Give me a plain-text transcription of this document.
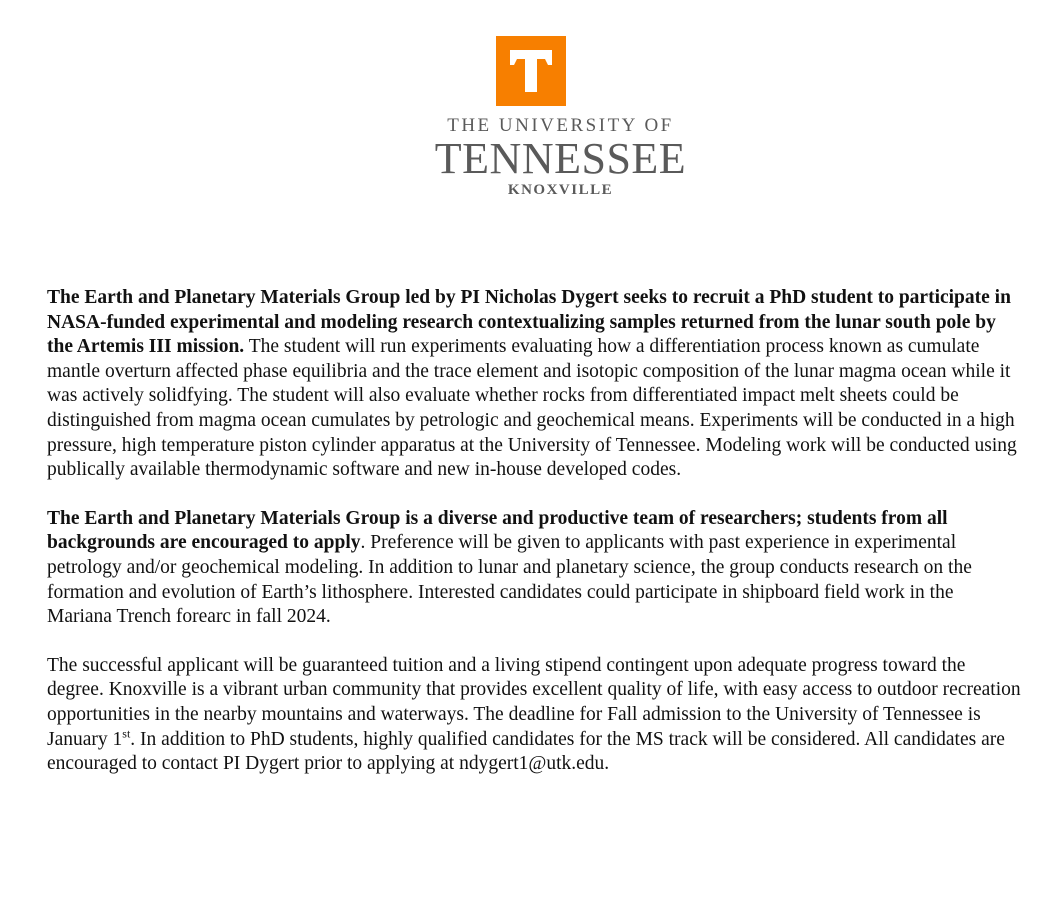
THE UNIVERSITY OF
TENNESSEE
KNOXVILLE

The Earth and Planetary Materials Group led by PI Nicholas Dygert seeks to recruit a PhD student to participate in NASA-funded experimental and modeling research contextualizing samples returned from the lunar south pole by the Artemis III mission. The student will run experiments evaluating how a differentiation process known as cumulate mantle overturn affected phase equilibria and the trace element and isotopic composition of the lunar magma ocean while it was actively solidfying. The student will also evaluate whether rocks from differentiated impact melt sheets could be distinguished from magma ocean cumulates by petrologic and geochemical means. Experiments will be conducted in a high pressure, high temperature piston cylinder apparatus at the University of Tennessee. Modeling work will be conducted using publically available thermodynamic software and new in-house developed codes.

The Earth and Planetary Materials Group is a diverse and productive team of researchers; students from all backgrounds are encouraged to apply. Preference will be given to applicants with past experience in experimental petrology and/or geochemical modeling. In addition to lunar and planetary science, the group conducts research on the formation and evolution of Earth’s lithosphere. Interested candidates could participate in shipboard field work in the Mariana Trench forearc in fall 2024.

The successful applicant will be guaranteed tuition and a living stipend contingent upon adequate progress toward the degree. Knoxville is a vibrant urban community that provides excellent quality of life, with easy access to outdoor recreation opportunities in the nearby mountains and waterways. The deadline for Fall admission to the University of Tennessee is January 1st. In addition to PhD students, highly qualified candidates for the MS track will be considered. All candidates are encouraged to contact PI Dygert prior to applying at ndygert1@utk.edu.
